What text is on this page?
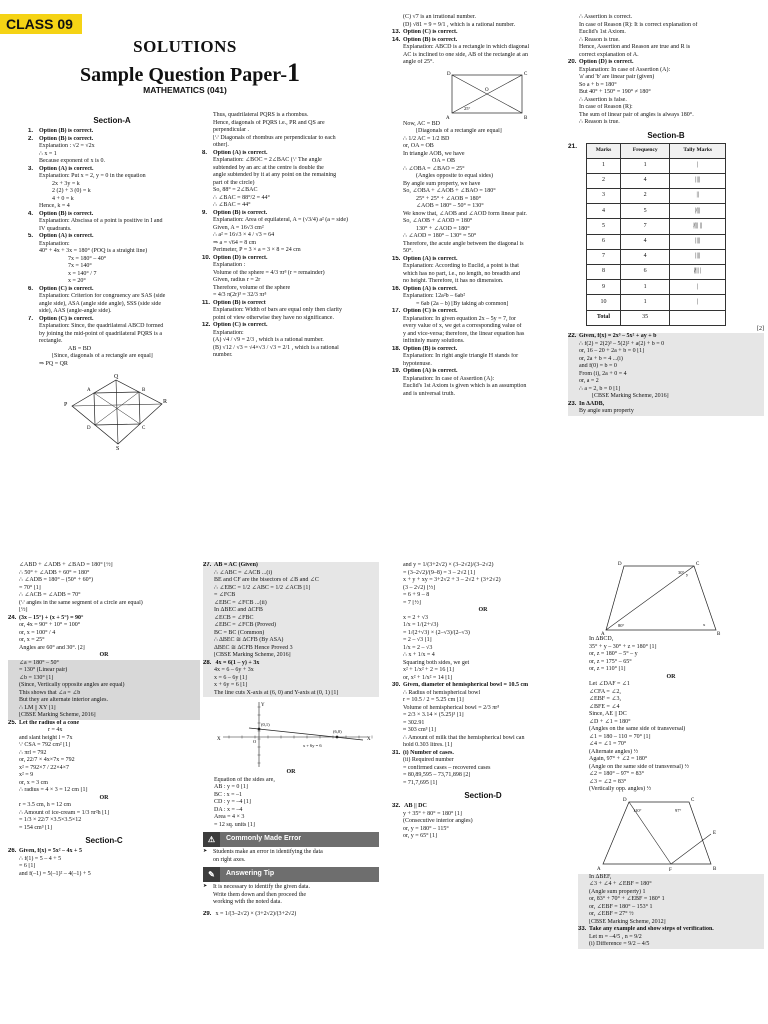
CLASS 09
SOLUTIONS
Sample Question Paper-1
MATHEMATICS (041)
Section-A
1. Option (B) is correct.
2. Option (B) is correct.
Explanation : √2 = √2x
∴ x = 1
Because exponent of x is 0.
3. Option (A) is correct.
Explanation: Put x = 2, y = 0 in the equation
2x + 3y = k
2 (2) + 3 (0) = k
4 + 0 = k
Hence, k = 4
4. Option (B) is correct.
Explanation: Abscissa of a point is positive in I and
IV quadrants.
5. Option (A) is correct.
Explanation:
40° + 4x + 3x = 180° (POQ is a straight line)
7x = 180° – 40°
7x = 140°
x = 140° / 7
x = 20°
6. Option (C) is correct.
Explanation: Criterion for congruency are SAS (side
angle side), ASA (angle side angle), SSS (side side
side), AAS (angle-angle side).
7. Option (C) is correct.
Explanation: Since, the quadrilateral ABCD formed
by joining the mid-point of quadrilateral PQRS is a
rectangle.
AB = BD
[Since, diagonals of a rectangle are equal]
⇒ PQ = QR
P
Q
R
S
A	B
C
D
Thus, quadrilateral PQRS is a rhombus.
Hence, diagonals of PQRS i.e., PR and QS are
perpendicular .
[∵ Diagonals of rhombus are perpendicular to each
other].
8. Option (A) is correct.
Explanation: ∠BOC = 2∠BAC (∵ The angle
subtended by an arc at the centre is double the
angle subtended by it at any point on the remaining
part of the circle)
So, 88° = 2∠BAC
∴ ∠BAC = 88°/2 = 44°
∴ ∠BAC = 44°
9. Option (B) is correct.
Explanation: Area of equilateral, A = (√3/4) a² (a = side)
Given, A = 16√3 cm²
∴ a² = 16√3 × 4 / √3 = 64
⇒ a = √64 = 8 cm
Perimeter, P = 3 × a = 3 × 8 = 24 cm
10. Option (D) is correct.
Explanation :
Volume of the sphere = 4/3 πr³ (r = remainder)
Given, radius r = 2r
Therefore, volume of the sphere
= 4/3 π(2r)³ = 32/3 πr³
11. Option (B) is correct
Explanation: Width of bars are equal only then clarity
point of view otherwise they have no significance.
12. Option (C) is correct.
Explanation:
(A) √4 / √9 = 2/3 , which is a rational number.
(B) √12 / √3 = √4×√3 / √3 = 2/1 , which is a rational
number.
(C) √7 is an irrational number.
(D) √81 = 9 = 9/1 , which is a rational number.
13. Option (C) is correct.
14. Option (B) is correct.
Explanation: ABCD is a rectangle in which diagonal
AC is inclined to one side, AB of the rectangle at an
angle of 25°.
D	C
A	B
O
25°
Now, AC = BD
[Diagonals of a rectangle are equal]
∴ 1/2 AC = 1/2 BD
or, OA = OB
In triangle AOB, we have
OA = OB
∴ ∠OBA = ∠BAO = 25°
(Angles opposite to equal sides)
By angle sum property, we have
So, ∠OBA + ∠AOB + ∠BAO = 180°
25° + 25° + ∠AOB = 180°
∠AOB = 180° – 50° = 130°
We know that, ∠AOB and ∠AOD form linear pair.
So, ∠AOB + ∠AOD = 180°
130° + ∠AOD = 180°
∴ ∠AOD = 180° – 130° = 50°
Therefore, the acute angle between the diagonal is
50°.
15. Option (A) is correct.
Explanation: According to Euclid, a point is that
which has no part, i.e., no length, no breadth and
no height. Therefore, it has no dimension.
16. Option (A) is correct.
Explanation: 12a²b – 6ab²
= 6ab (2a – b) [By taking ab common]
17. Option (C) is correct.
Explanation: In given equation 2x – 5y = 7, for
every value of x, we get a corresponding value of
y and vice-versa; therefore, the linear equation has
infinitely many solutions.
18. Option (B) is correct.
Explanation: In right angle triangle H stands for
hypotenuse.
19. Option (A) is correct.
Explanation: In case of Assertion (A):
Euclid's 1st Axiom is given which is an assumption
and is universal truth.
∴ Assertion is correct.
In case of Reason (R): It is correct explanation of
Euclid's 1st Axiom.
∴ Reason is true.
Hence, Assertion and Reason are true and R is
correct explanation of A.
20. Option (D) is correct.
Explanation: In case of Assertion (A):
'a' and 'b' are linear pair (given)
So a + b = 180°
But 40° + 150° = 190° ≠ 180°
∴ Assertion is false.
In case of Reason (R):
The sum of linear pair of angles is always 180°.
∴ Reason is true.
Section-B
21.
Marks	Frequency	Tally Marks
1	1	|
2	4	||||
3	2	||
4	5	|̸|||
5	7	|̸||| ||
6	4	||||
7	4	||||
8	6	|̸||| |
9	1	|
10	1	|
Total	35	
[2]
22. Given, f(x) = 2x³ – 5x² + ay + b
∴ f(2) = 2(2)³ – 5(2)² + a(2) + b = 0
or, 16 – 20 + 2a + b = 0 [1]
or, 2a + b = 4 ...(i)
and f(0) = b = 0
From (i), 2a + 0 = 4
or, a = 2
∴ a = 2, b = 0 [1]
[CBSE Marking Scheme, 2016]
23. In ΔADB,
By angle sum property
∠ABD + ∠ADB + ∠BAD = 180° [½]
∴ 50° + ∠ADB + 60° = 180°
∴ ∠ADB = 180° – (50° + 60°)
= 70° [1]
∴ ∠ACB = ∠ADB = 70°
(∵ angles in the same segment of a circle are equal)
[½]
24. (3x – 15°) + (x + 5°) = 90°
or, 4x = 90° + 10° = 100°
or, x = 100° / 4
or, x = 25°
Angles are 60° and 30°. [2]
OR
∠a = 180° – 50°
= 130° (Linear pair)
∠b = 130° [1]
(Since, Vertically opposite angles are equal)
This shows that ∠a = ∠b
But they are alternate interior angles.
∴ LM || XY [1]
[CBSE Marking Scheme, 2016]
25. Let the radius of a cone
r = 4x
and slant height l = 7x
∵ CSA = 792 cm² [1]
∴ πrl = 792
or, 22/7 × 4x×7x = 792
x² = 792×7 / 22×4×7
x² = 9
or, x = 3 cm
∴ radius = 4 × 3 = 12 cm [1]
OR
r = 3.5 cm, h = 12 cm
∴ Amount of ice-cream = 1/3 πr²h [1]
= 1/3 × 22/7 ×3.5×3.5×12
= 154 cm³ [1]
Section-C
26. Given, f(x) = 5x² – 4x + 5
∴ f(1) = 5 – 4 + 5
= 6 [1]
and f(–1) = 5(–1)² – 4(–1) + 5
27. AB = AC (Given)
∴ ∠ABC = ∠ACB ...(i)
BE and CF are the bisectors of ∠B and ∠C
∴ ∠EBC = 1/2 ∠ABC = 1/2 ∠ACB [1]
= ∠FCB
∠EBC = ∠FCB ...(ii)
In ΔBEC and ΔCFB
∠ECB = ∠FBC
∠EBC = ∠FCB (Proved)
BC = BC (Common)
∴ ΔBEC ≅ ΔCFB (By ASA)
ΔBEC ≅ ΔCFB Hence Proved 3
[CBSE Marking Scheme, 2016]
28. 4x = 6(1 – y) + 3x
4x = 6 – 6y + 3x
x = 6 – 6y [1]
x + 6y = 6 [1]
The line cuts X-axis at (6, 0) and Y-axis at (0, 1) [1]
(0,1)
(6,0)
X
X
Y
O
x + 6y = 6
OR
Equation of the sides are,
AB : y = 0 [1]
BC : x = –1
CD : y = –4 [1]
DA : x = –4
Area = 4 × 3
= 12 sq. units [1]
⚠	Commonly Made Error
➤ Students make an error in identifying the data
on right axes.
✎	Answering Tip
➤ It is necessary to identify the given data.
Write them down and then proceed the
working with the noted data.
29. x = 1/(3–2√2) × (3+2√2)/(3+2√2)
and y = 1/(3+2√2) × (3–2√2)/(3–2√2)
= (3–2√2)/(9–8) = 3 – 2√2 [1]
x + y + xy = 3+2√2 + 3 – 2√2 + (3+2√2)
(3 – 2√2) [½]
= 6 + 9 – 8
= 7 [½]
OR
x = 2 + √3
1/x = 1/(2+√3)
= 1/(2+√3) × (2–√3)/(2–√3)
= 2 – √3 [1]
1/x = 2 – √3
∴ x + 1/x = 4
Squaring both sides, we get
x² + 1/x² + 2 = 16 [1]
or, x² + 1/x² = 14 [1]
30. Given, diameter of hemispherical bowl = 10.5 cm
∴ Radius of hemispherical bowl
r = 10.5 / 2 = 5.25 cm [1]
Volume of hemispherical bowl = 2/3 πr³
= 2/3 × 3.14 × (5.25)³ [1]
= 302.91
≈ 303 cm³ [1]
∴ Amount of milk that the hemispherical bowl can
hold 0.303 litres. [1]
31. (i) Number of cases.
(ii) Required number
= confirmed cases – recovered cases
= 80,89,595 – 73,71,898 [2]
= 71,7,695 [1]
Section-D
32. AB || DC
y + 35° + 80° = 180° [1]
(Consecutive interior angles)
or, y = 180° – 115°
or, y = 65° [1]
D	C
A	B
30°
80°
y
x
In ΔBCD,
35° + y – 30° + z = 180° [1]
or, z = 180° – 5° – y
or, z = 175° – 65°
or, z = 110° [1]
OR
Let ∠DAF = ∠1
∠CFA = ∠2,
∠EBF = ∠3,
∠BFE = ∠4
Since, AE || DC
∠D + ∠1 = 180°
(Angles on the same side of transversal)
∠1 = 180 – 110 = 70° [1]
∠4 = ∠1 = 70°
(Alternate angles) ½
Again, 97° + ∠2 = 180°
(Angle on the same side of transversal) ½
∠2 = 180° – 97° = 83°
∠3 = ∠2 = 83°
(Vertically opp. angles) ½
D	C
A	B
E
F
110°	97°
In ΔBEF,
∠3 + ∠4 + ∠EBF = 180°
(Angle sum property) 1
or, 83° + 70° + ∠EBF = 180° 1
or, ∠EBF = 180° – 153° 1
or, ∠EBF = 27° ½
[CBSE Marking Scheme, 2012]
33. Take any example and show steps of verification.
Let m = –4/5 , n = 9/2
(i) Difference = 9/2 – 4/5
